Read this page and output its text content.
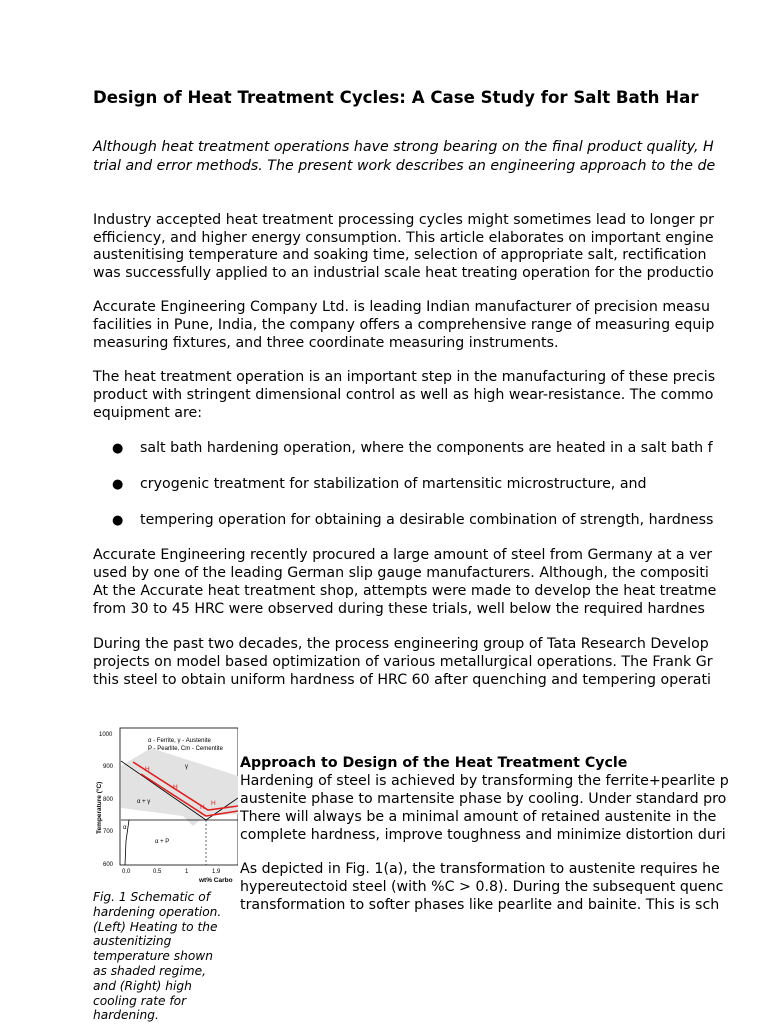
Design of Heat Treatment Cycles: A Case Study for Salt Bath Har
Although heat treatment operations have strong bearing on the final product quality, H
trial and error methods. The present work describes an engineering approach to the de
Industry accepted heat treatment processing cycles might sometimes lead to longer pr
efficiency, and higher energy consumption. This article elaborates on important engine
austenitising temperature and soaking time, selection of appropriate salt, rectification
was successfully applied to an industrial scale heat treating operation for the productio
Accurate Engineering Company Ltd. is leading Indian manufacturer of precision measu
facilities in Pune, India, the company offers a comprehensive range of measuring equip
measuring fixtures, and three coordinate measuring instruments.
The heat treatment operation is an important step in the manufacturing of these precis
product with stringent dimensional control as well as high wear-resistance. The commo
equipment are:
● salt bath hardening operation, where the components are heated in a salt bath f
● cryogenic treatment for stabilization of martensitic microstructure, and
● tempering operation for obtaining a desirable combination of strength, hardness
Accurate Engineering recently procured a large amount of steel from Germany at a ver
used by one of the leading German slip gauge manufacturers. Although, the compositi
At the Accurate heat treatment shop, attempts were made to develop the heat treatme
from 30 to 45 HRC were observed during these trials, well below the required hardnes
During the past two decades, the process engineering group of Tata Research Develop
projects on model based optimization of various metallurgical operations. The Frank Gr
this steel to obtain uniform hardness of HRC 60 after quenching and tempering operati
1000
900
800
700
600
Temperature (°C)
H
H
H
H
α - Ferrite, γ - Austenite
P - Pearlite, Cm - Cementite
γ
α + γ
α
α + P
0.0	0.5	1	1.9
wt% Carbo
Fig. 1 Schematic of
hardening operation.
(Left) Heating to the
austenitizing
temperature shown
as shaded regime,
and (Right) high
cooling rate for
hardening.
Approach to Design of the Heat Treatment Cycle
Hardening of steel is achieved by transforming the ferrite+pearlite p
austenite phase to martensite phase by cooling. Under standard pro
There will always be a minimal amount of retained austenite in the
complete hardness, improve toughness and minimize distortion duri
As depicted in Fig. 1(a), the transformation to austenite requires he
hypereutectoid steel (with %C > 0.8). During the subsequent quenc
transformation to softer phases like pearlite and bainite. This is sch
